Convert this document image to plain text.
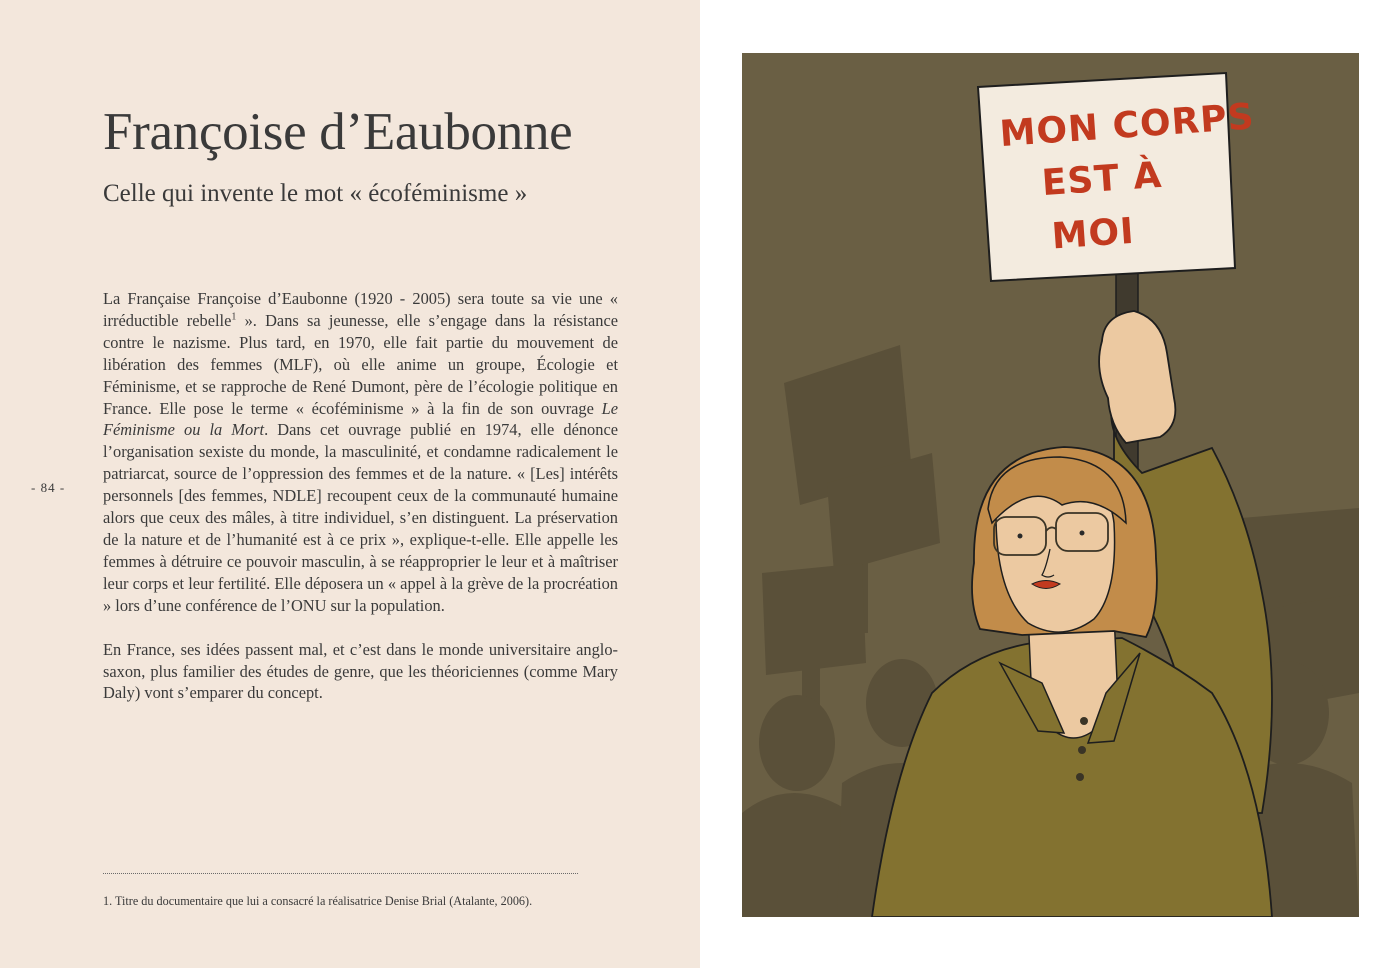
Françoise d’Eaubonne
Celle qui invente le mot « écoféminisme »

La Française Françoise d’Eaubonne (1920 - 2005) sera toute sa vie une « irréductible rebelle$^1$ ». Dans sa jeunesse, elle s’engage dans la résistance contre le nazisme. Plus tard, en 1970, elle fait partie du mouvement de libération des femmes (MLF), où elle anime un groupe, Écologie et Féminisme, et se rapproche de René Dumont, père de l’écologie politique en France. Elle pose le terme « écoféminisme » à la fin de son ouvrage Le Féminisme ou la Mort. Dans cet ouvrage publié en 1974, elle dénonce l’organisation sexiste du monde, la masculinité, et condamne radicalement le patriarcat, source de l’oppression des femmes et de la nature. « [Les] intérêts personnels [des femmes, NDLE] recoupent ceux de la communauté humaine alors que ceux des mâles, à titre individuel, s’en distinguent. La préservation de la nature et de l’humanité est à ce prix », explique-t-elle. Elle appelle les femmes à détruire ce pouvoir masculin, à se réapproprier le leur et à maîtriser leur corps et leur fertilité. Elle déposera un « appel à la grève de la procréation » lors d’une conférence de l’ONU sur la population.

En France, ses idées passent mal, et c’est dans le monde universitaire anglo-saxon, plus familier des études de genre, que les théoriciennes (comme Mary Daly) vont s’emparer du concept.

- 84 -
1. Titre du documentaire que lui a consacré la réalisatrice Denise Brial (Atalante, 2006).
MON CORPS
EST À
MOI
